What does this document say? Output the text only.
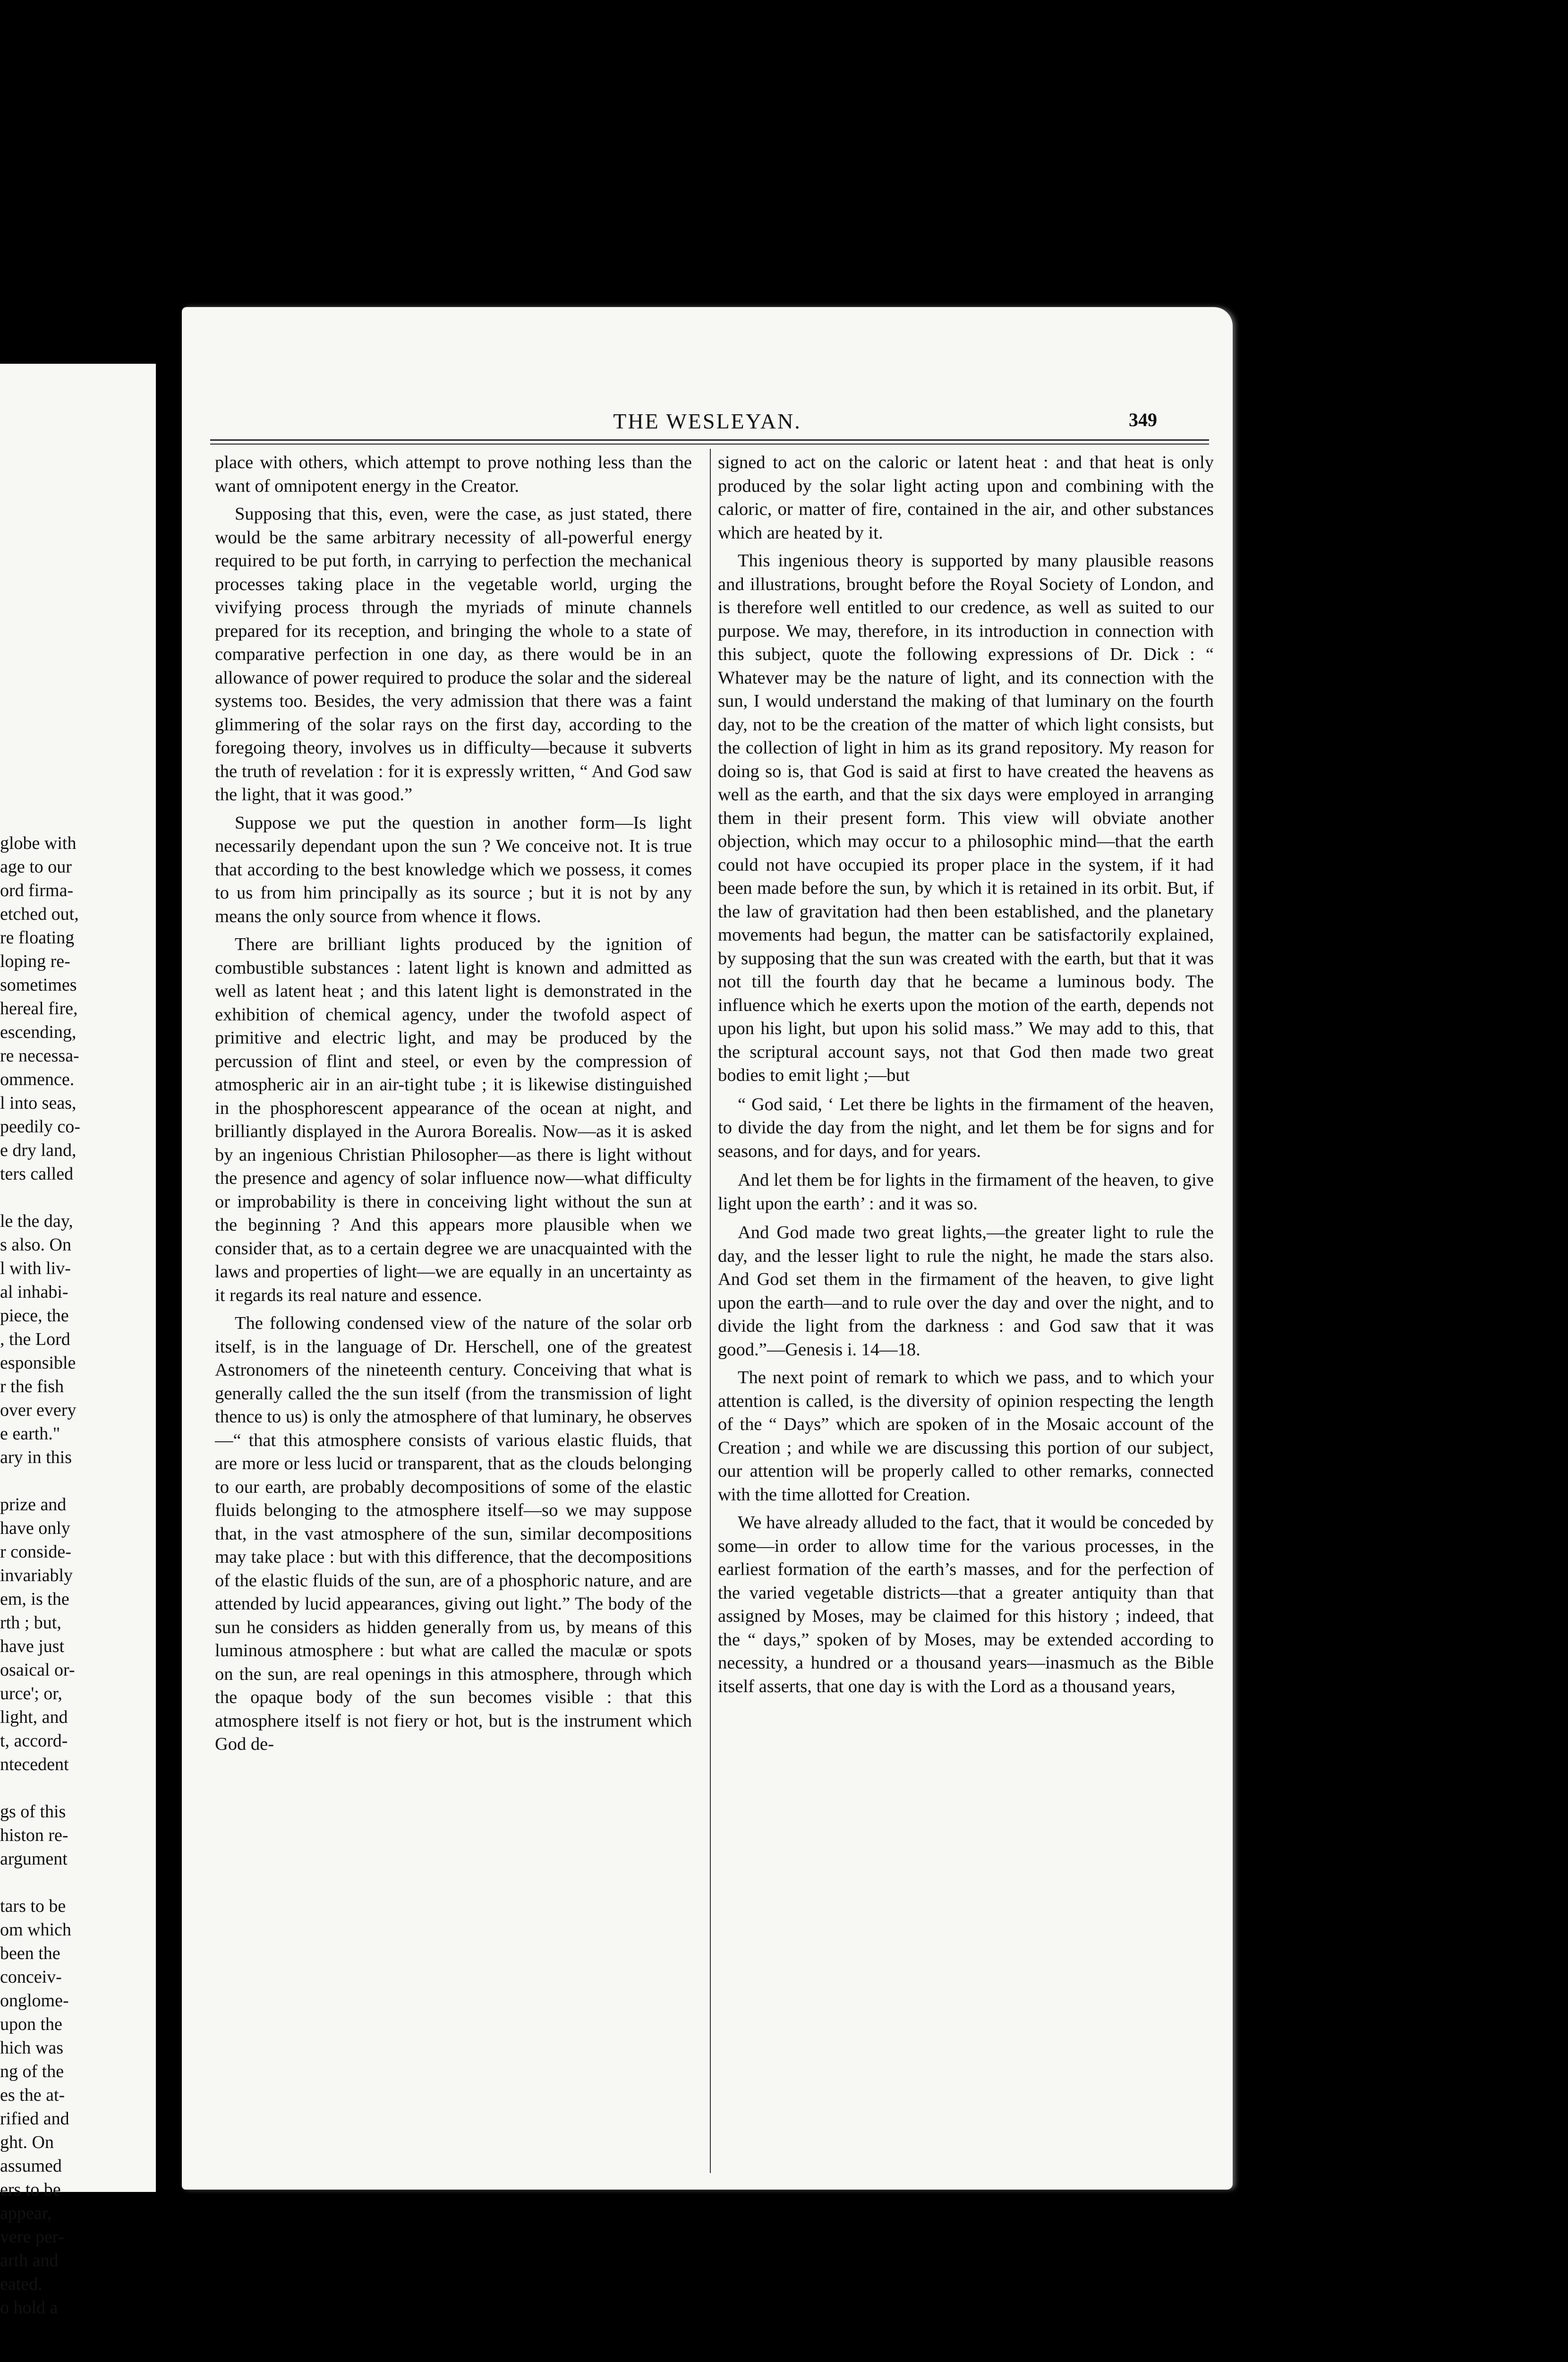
globe with
age to our
ord firma-
etched out,
re floating
loping re-
sometimes
hereal fire,
escending,
re necessa-
ommence.
l into seas,
peedily co-
e dry land,
ters called
le the day,
s also. On
l with liv-
al inhabi-
piece, the
, the Lord
esponsible
r the fish
over every
e earth."
ary in this
prize and
have only
r conside-
invariably
em, is the
rth ; but,
have just
osaical or-
urce'; or,
light, and
t, accord-
ntecedent
gs of this
histon re-
argument
tars to be
om which
been the
conceiv-
onglome-
upon the
hich was
ng of the
es the at-
rified and
ght. On
assumed
ers to be
appear,
vere per-
arth and
eated.
o hold a
THE WESLEYAN.	349

place with others, which attempt to prove nothing less than the want of omnipotent energy in the Creator.

Supposing that this, even, were the case, as just stated, there would be the same arbitrary necessity of all-powerful energy required to be put forth, in carrying to perfection the mechanical processes taking place in the vegetable world, urging the vivifying process through the myriads of minute channels prepared for its reception, and bringing the whole to a state of comparative perfection in one day, as there would be in an allowance of power required to produce the solar and the sidereal systems too. Besides, the very admission that there was a faint glimmering of the solar rays on the first day, according to the foregoing theory, involves us in difficulty—because it subverts the truth of revelation : for it is expressly written, “ And God saw the light, that it was good.”

Suppose we put the question in another form—Is light necessarily dependant upon the sun ? We conceive not. It is true that according to the best knowledge which we possess, it comes to us from him principally as its source ; but it is not by any means the only source from whence it flows.

There are brilliant lights produced by the ignition of combustible substances : latent light is known and admitted as well as latent heat ; and this latent light is demonstrated in the exhibition of chemical agency, under the twofold aspect of primitive and electric light, and may be produced by the percussion of flint and steel, or even by the compression of atmospheric air in an air-tight tube ; it is likewise distinguished in the phosphorescent appearance of the ocean at night, and brilliantly displayed in the Aurora Borealis. Now—as it is asked by an ingenious Christian Philosopher—as there is light without the presence and agency of solar influence now—what difficulty or improbability is there in conceiving light without the sun at the beginning ? And this appears more plausible when we consider that, as to a certain degree we are unacquainted with the laws and properties of light—we are equally in an uncertainty as it regards its real nature and essence.

The following condensed view of the nature of the solar orb itself, is in the language of Dr. Herschell, one of the greatest Astronomers of the nineteenth century. Conceiving that what is generally called the the sun itself (from the transmission of light thence to us) is only the atmosphere of that luminary, he observes—“ that this atmosphere consists of various elastic fluids, that are more or less lucid or transparent, that as the clouds belonging to our earth, are probably decompositions of some of the elastic fluids belonging to the atmosphere itself—so we may suppose that, in the vast atmosphere of the sun, similar decompositions may take place : but with this difference, that the decompositions of the elastic fluids of the sun, are of a phosphoric nature, and are attended by lucid appearances, giving out light.” The body of the sun he considers as hidden generally from us, by means of this luminous atmosphere : but what are called the maculæ or spots on the sun, are real openings in this atmosphere, through which the opaque body of the sun becomes visible : that this atmosphere itself is not fiery or hot, but is the instrument which God de-

signed to act on the caloric or latent heat : and that heat is only produced by the solar light acting upon and combining with the caloric, or matter of fire, contained in the air, and other substances which are heated by it.

This ingenious theory is supported by many plausible reasons and illustrations, brought before the Royal Society of London, and is therefore well entitled to our credence, as well as suited to our purpose. We may, therefore, in its introduction in connection with this subject, quote the following expressions of Dr. Dick : “ Whatever may be the nature of light, and its connection with the sun, I would understand the making of that luminary on the fourth day, not to be the creation of the matter of which light consists, but the collection of light in him as its grand repository. My reason for doing so is, that God is said at first to have created the heavens as well as the earth, and that the six days were employed in arranging them in their present form. This view will obviate another objection, which may occur to a philosophic mind—that the earth could not have occupied its proper place in the system, if it had been made before the sun, by which it is retained in its orbit. But, if the law of gravitation had then been established, and the planetary movements had begun, the matter can be satisfactorily explained, by supposing that the sun was created with the earth, but that it was not till the fourth day that he became a luminous body. The influence which he exerts upon the motion of the earth, depends not upon his light, but upon his solid mass.” We may add to this, that the scriptural account says, not that God then made two great bodies to emit light ;—but

“ God said, ‘ Let there be lights in the firmament of the heaven, to divide the day from the night, and let them be for signs and for seasons, and for days, and for years.

And let them be for lights in the firmament of the heaven, to give light upon the earth’ : and it was so.

And God made two great lights,—the greater light to rule the day, and the lesser light to rule the night, he made the stars also. And God set them in the firmament of the heaven, to give light upon the earth—and to rule over the day and over the night, and to divide the light from the darkness : and God saw that it was good.”—Genesis i. 14—18.

The next point of remark to which we pass, and to which your attention is called, is the diversity of opinion respecting the length of the “ Days” which are spoken of in the Mosaic account of the Creation ; and while we are discussing this portion of our subject, our attention will be properly called to other remarks, connected with the time allotted for Creation.

We have already alluded to the fact, that it would be conceded by some—in order to allow time for the various processes, in the earliest formation of the earth’s masses, and for the perfection of the varied vegetable districts—that a greater antiquity than that assigned by Moses, may be claimed for this history ; indeed, that the “ days,” spoken of by Moses, may be extended according to necessity, a hundred or a thousand years—inasmuch as the Bible itself asserts, that one day is with the Lord as a thousand years,
